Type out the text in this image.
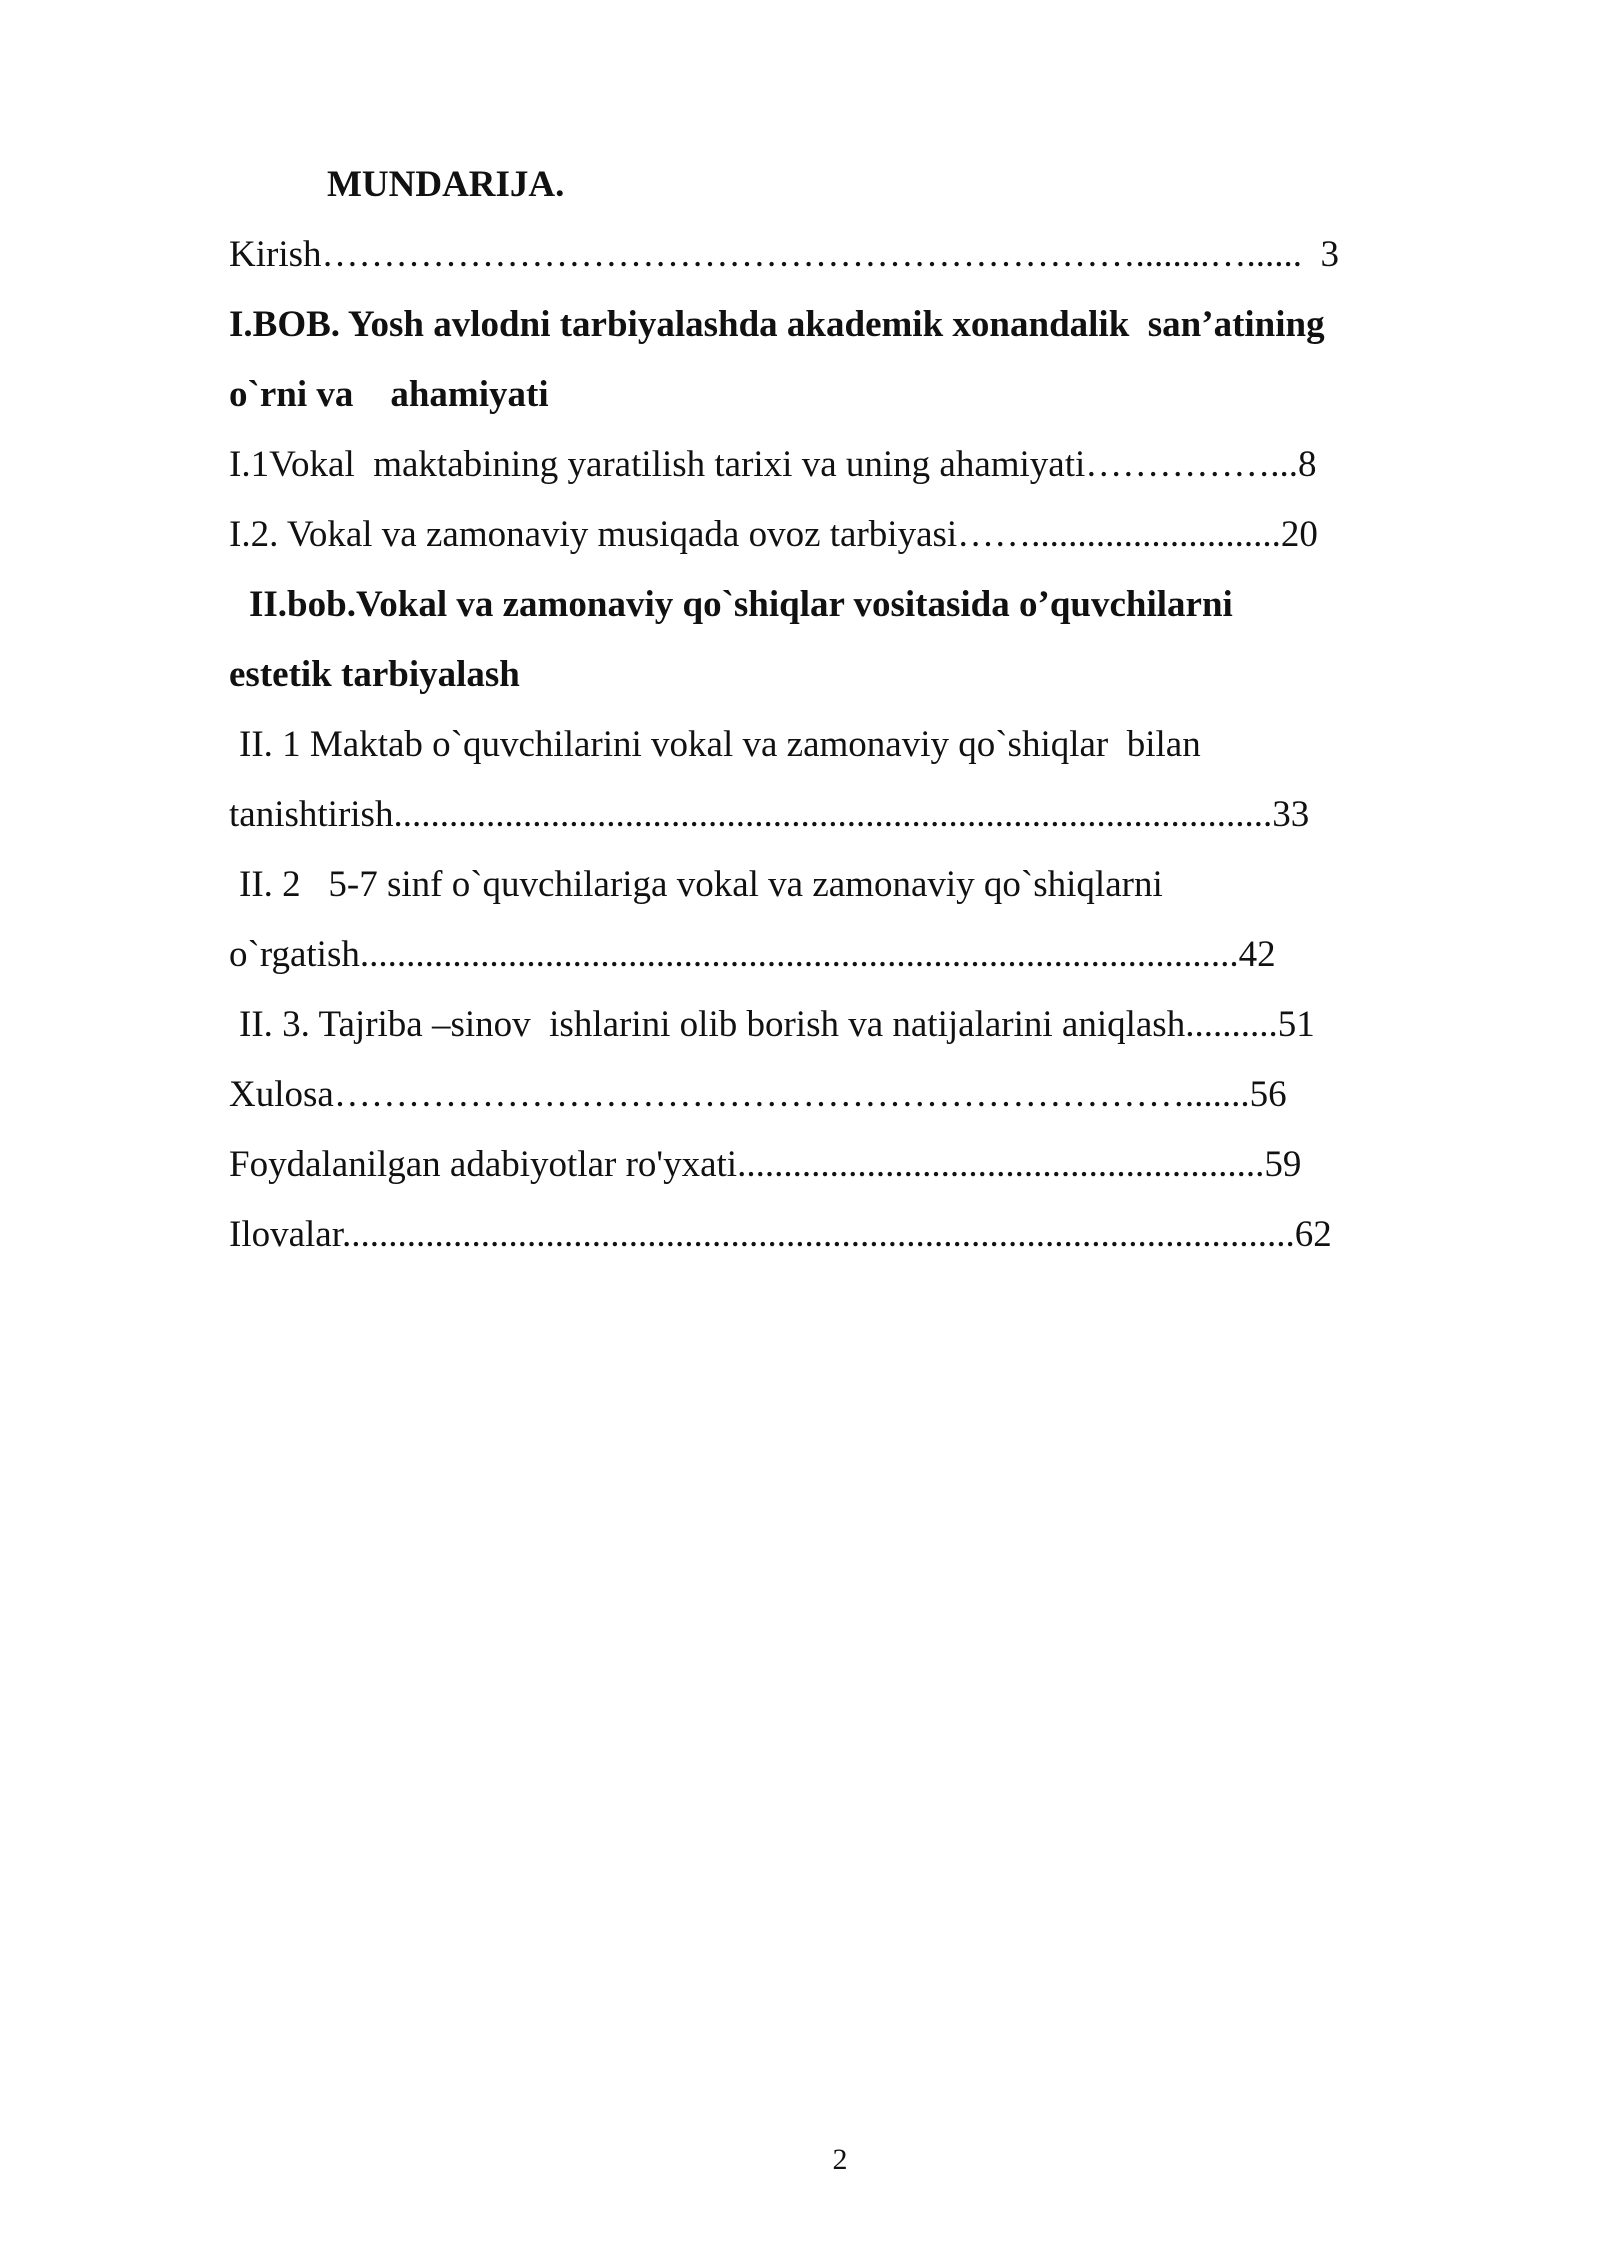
MUNDARIJA.

Kirish…………………………………………………………........…......  3

I.BOB. Yosh avlodni tarbiyalashda akademik xonandalik  san’atining

o`rni va    ahamiyati

I.1Vokal  maktabining yaratilish tarixi va uning ahamiyati……………...8

I.2. Vokal va zamonaviy musiqada ovoz tarbiyasi……...........................20

II.bob.Vokal va zamonaviy qo`shiqlar vositasida o’quvchilarni

estetik tarbiyalash

II. 1 Maktab o`quvchilarini vokal va zamonaviy qo`shiqlar  bilan

tanishtirish...............................................................................................33

II. 2   5-7 sinf o`quvchilariga vokal va zamonaviy qo`shiqlarni

o`rgatish...............................................................................................42

II. 3. Tajriba –sinov  ishlarini olib borish va natijalarini aniqlash..........51

Xulosa…………………………………………………………….......56

Foydalanilgan adabiyotlar ro'yxati.........................................................59

Ilovalar.......................................................................................................62

2
